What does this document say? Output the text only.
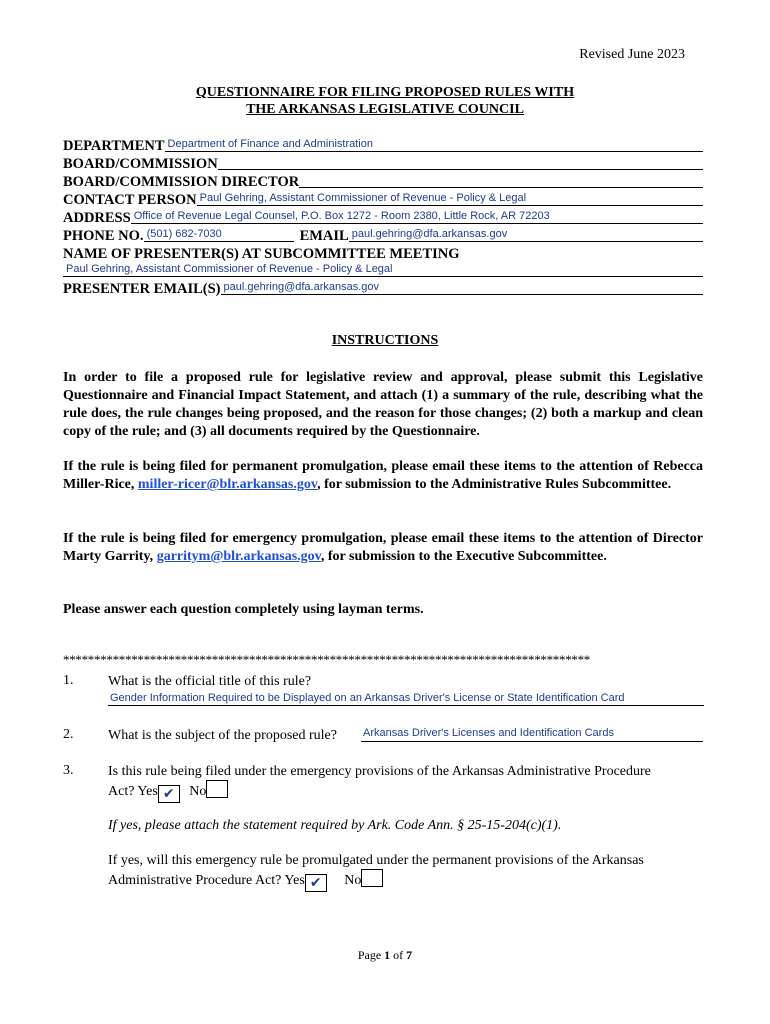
Revised June 2023
QUESTIONNAIRE FOR FILING PROPOSED RULES WITH
THE ARKANSAS LEGISLATIVE COUNCIL
DEPARTMENT Department of Finance and Administration
BOARD/COMMISSION
BOARD/COMMISSION DIRECTOR
CONTACT PERSON Paul Gehring, Assistant Commissioner of Revenue - Policy & Legal
ADDRESS Office of Revenue Legal Counsel, P.O. Box 1272 - Room 2380, Little Rock, AR 72203
PHONE NO. (501) 682-7030	EMAIL paul.gehring@dfa.arkansas.gov
NAME OF PRESENTER(S) AT SUBCOMMITTEE MEETING
Paul Gehring, Assistant Commissioner of Revenue - Policy & Legal
PRESENTER EMAIL(S) paul.gehring@dfa.arkansas.gov
INSTRUCTIONS
In order to file a proposed rule for legislative review and approval, please submit this Legislative Questionnaire and Financial Impact Statement, and attach (1) a summary of the rule, describing what the rule does, the rule changes being proposed, and the reason for those changes; (2) both a markup and clean copy of the rule; and (3) all documents required by the Questionnaire.
If the rule is being filed for permanent promulgation, please email these items to the attention of Rebecca Miller-Rice, miller-ricer@blr.arkansas.gov, for submission to the Administrative Rules Subcommittee.
If the rule is being filed for emergency promulgation, please email these items to the attention of Director Marty Garrity, garritym@blr.arkansas.gov, for submission to the Executive Subcommittee.
Please answer each question completely using layman terms.
*************************************************************************************
1. What is the official title of this rule?
Gender Information Required to be Displayed on an Arkansas Driver's License or State Identification Card
2. What is the subject of the proposed rule? Arkansas Driver's Licenses and Identification Cards
3. Is this rule being filed under the emergency provisions of the Arkansas Administrative Procedure
Act? Yes ✔ No
If yes, please attach the statement required by Ark. Code Ann. § 25-15-204(c)(1).
If yes, will this emergency rule be promulgated under the permanent provisions of the Arkansas
Administrative Procedure Act? Yes ✔ No
Page 1 of 7
